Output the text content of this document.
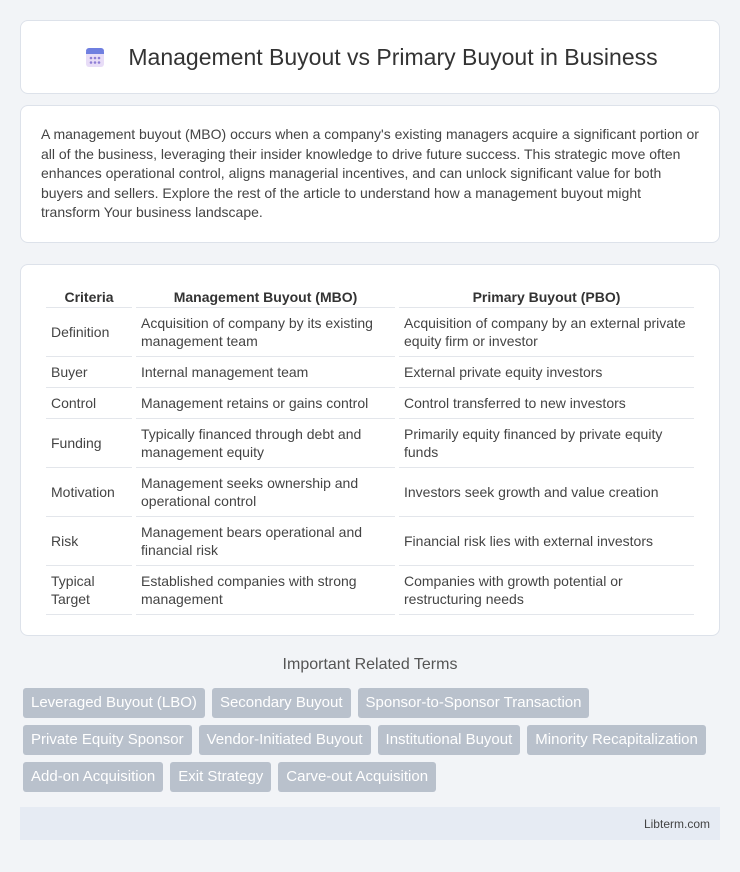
Management Buyout vs Primary Buyout in Business

A management buyout (MBO) occurs when a company's existing managers acquire a significant portion or all of the business, leveraging their insider knowledge to drive future success. This strategic move often enhances operational control, aligns managerial incentives, and can unlock significant value for both buyers and sellers. Explore the rest of the article to understand how a management buyout might transform Your business landscape.

Criteria	Management Buyout (MBO)	Primary Buyout (PBO)
Definition	Acquisition of company by its existing management team	Acquisition of company by an external private equity firm or investor
Buyer	Internal management team	External private equity investors
Control	Management retains or gains control	Control transferred to new investors
Funding	Typically financed through debt and management equity	Primarily equity financed by private equity funds
Motivation	Management seeks ownership and operational control	Investors seek growth and value creation
Risk	Management bears operational and financial risk	Financial risk lies with external investors
Typical Target	Established companies with strong management	Companies with growth potential or restructuring needs
Important Related Terms
Leveraged Buyout (LBO)	Secondary Buyout	Sponsor-to-Sponsor Transaction
Private Equity Sponsor	Vendor-Initiated Buyout	Institutional Buyout	Minority Recapitalization
Add-on Acquisition	Exit Strategy	Carve-out Acquisition
Libterm.com
